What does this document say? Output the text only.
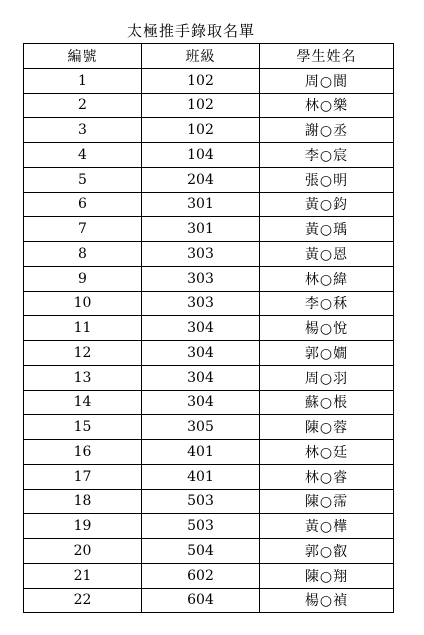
太極推手錄取名單
編號	班級	學生姓名
1	102	周○閬
2	102	林○樂
3	102	謝○丞
4	104	李○宸
5	204	張○明
6	301	黃○鈞
7	301	黃○瑀
8	303	黃○恩
9	303	林○緯
10	303	李○秝
11	304	楊○悅
12	304	郭○嫺
13	304	周○羽
14	304	蘇○棖
15	305	陳○蓉
16	401	林○廷
17	401	林○睿
18	503	陳○霈
19	503	黃○樺
20	504	郭○叡
21	602	陳○翔
22	604	楊○禎
